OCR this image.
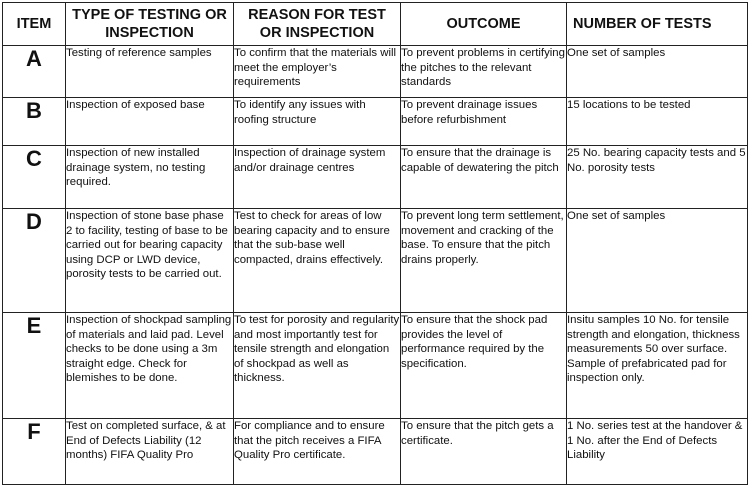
ITEM	TYPE OF TESTING OR INSPECTION	REASON FOR TEST OR INSPECTION	OUTCOME	NUMBER OF TESTS
A	Testing of reference samples	To confirm that the materials will meet the employer’s requirements	To prevent problems in certifying the pitches to the relevant standards	One set of samples
B	Inspection of exposed base	To identify any issues with roofing structure	To prevent drainage issues before refurbishment	15 locations to be tested
C	Inspection of new installed drainage system, no testing required.	Inspection of drainage system and/or drainage centres	To ensure that the drainage is capable of dewatering the pitch	25 No. bearing capacity tests and 5 No. porosity tests
D	Inspection of stone base phase 2 to facility, testing of base to be carried out for bearing capacity using DCP or LWD device, porosity tests to be carried out.	Test to check for areas of low bearing capacity and to ensure that the sub-base well compacted, drains effectively.	To prevent long term settlement, movement and cracking of the base. To ensure that the pitch drains properly.	One set of samples
E	Inspection of shockpad sampling of materials and laid pad. Level checks to be done using a 3m straight edge. Check for blemishes to be done.	To test for porosity and regularity and most importantly test for tensile strength and elongation of shockpad as well as thickness.	To ensure that the shock pad provides the level of performance required by the specification.	Insitu samples 10 No. for tensile strength and elongation, thickness measurements 50 over surface. Sample of prefabricated pad for inspection only.
F	Test on completed surface, & at End of Defects Liability (12 months) FIFA Quality Pro	For compliance and to ensure that the pitch receives a FIFA Quality Pro certificate.	To ensure that the pitch gets a certificate.	1 No. series test at the handover & 1 No. after the End of Defects Liability
